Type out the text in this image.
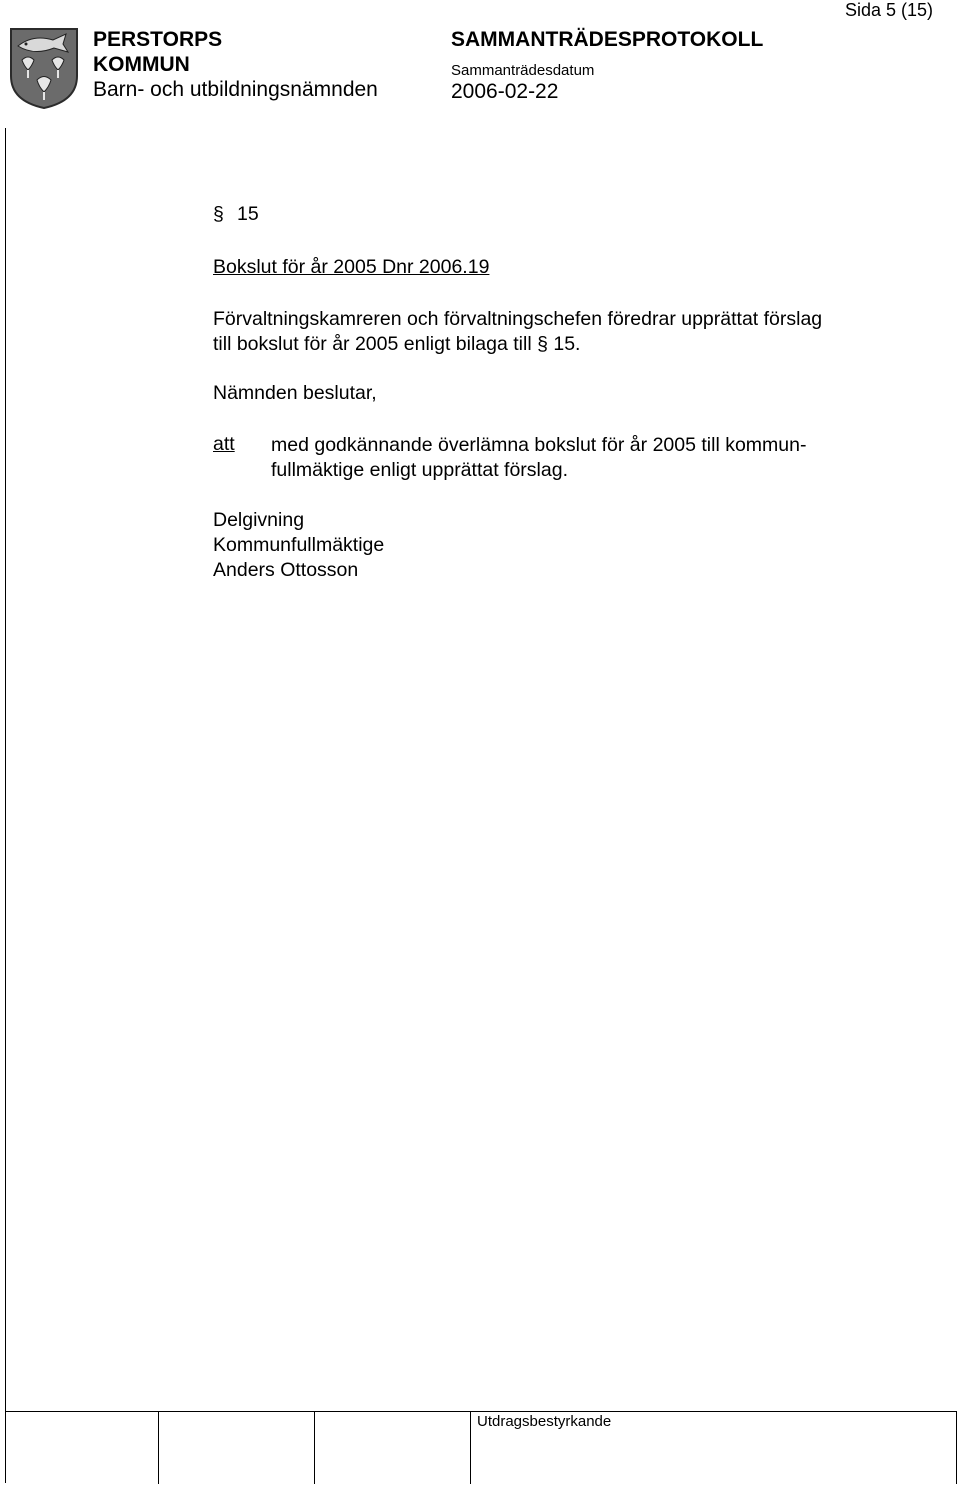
PERSTORPS
KOMMUN
Barn- och utbildningsnämnden
SAMMANTRÄDESPROTOKOLL
Sammanträdesdatum
2006-02-22
Sida 5 (15)
§ 15
Bokslut för år 2005 Dnr 2006.19
Förvaltningskamreren och förvaltningschefen föredrar upprättat förslag
till bokslut för år 2005 enligt bilaga till § 15.
Nämnden beslutar,
att med godkännande överlämna bokslut för år 2005 till kommun-
fullmäktige enligt upprättat förslag.
Delgivning
Kommunfullmäktige
Anders Ottosson
Utdragsbestyrkande
